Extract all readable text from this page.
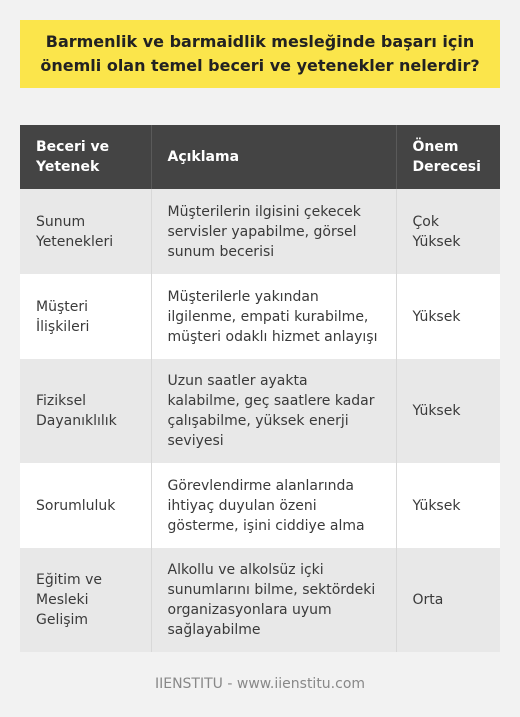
Barmenlik ve barmaidlik mesleğinde başarı için önemli olan temel beceri ve yetenekler nelerdir?
Beceri ve Yetenek	Açıklama	Önem Derecesi
Sunum Yetenekleri	Müşterilerin ilgisini çekecek servisler yapabilme, görsel sunum becerisi	Çok Yüksek
Müşteri İlişkileri	Müşterilerle yakından ilgilenme, empati kurabilme, müşteri odaklı hizmet anlayışı	Yüksek
Fiziksel Dayanıklılık	Uzun saatler ayakta kalabilme, geç saatlere kadar çalışabilme, yüksek enerji seviyesi	Yüksek
Sorumluluk	Görevlendirme alanlarında ihtiyaç duyulan özeni gösterme, işini ciddiye alma	Yüksek
Eğitim ve Mesleki Gelişim	Alkollu ve alkolsüz içki sunumlarını bilme, sektördeki organizasyonlara uyum sağlayabilme	Orta
IIENSTITU - www.iienstitu.com
